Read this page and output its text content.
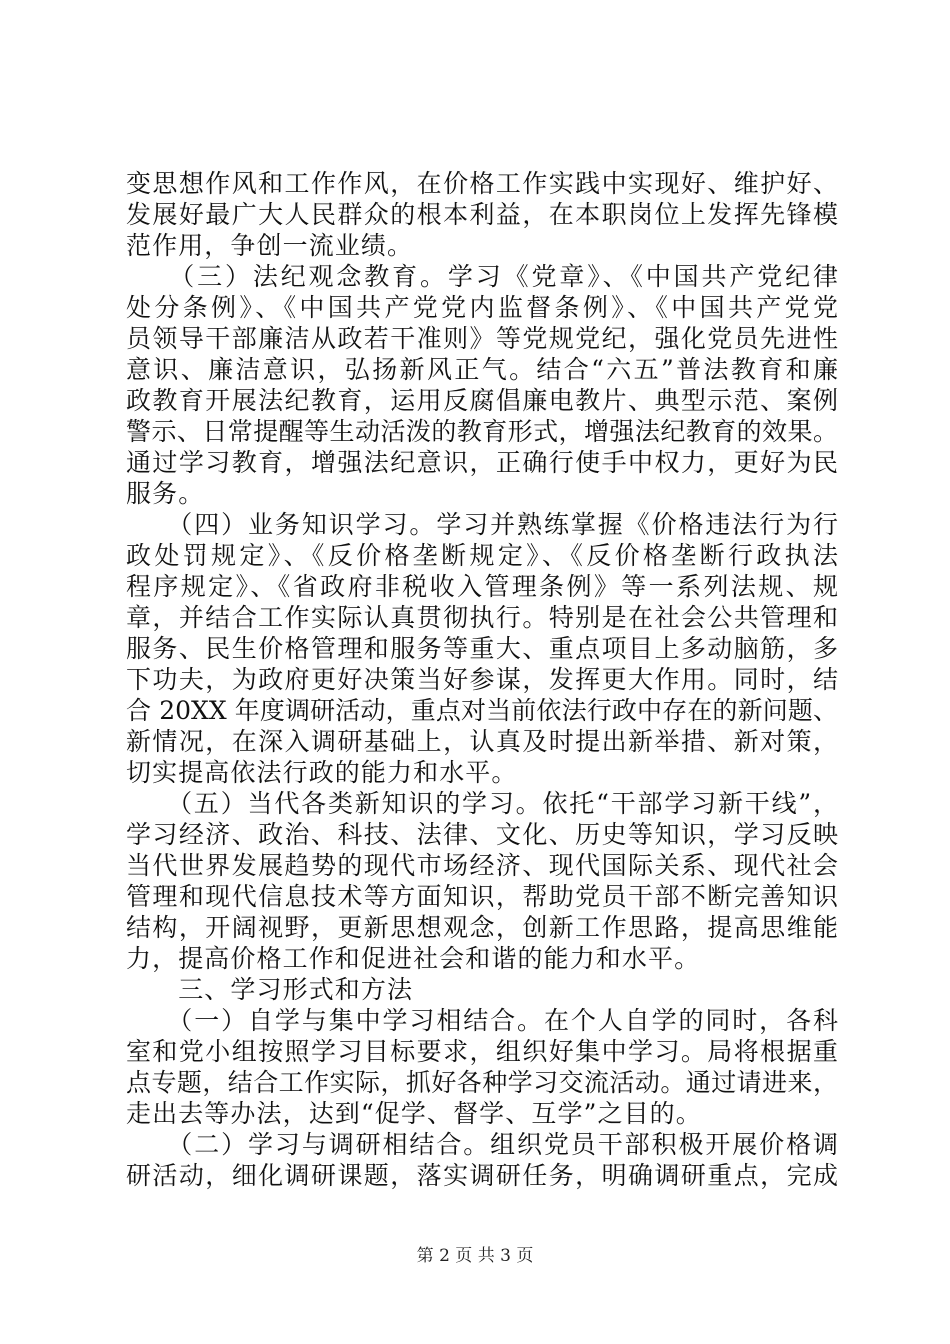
变思想作风和工作作风，在价格工作实践中实现好、维护好、
发展好最广大人民群众的根本利益，在本职岗位上发挥先锋模
范作用，争创一流业绩。
　　（三）法纪观念教育。学习《党章》、《中国共产党纪律
处分条例》、《中国共产党党内监督条例》、《中国共产党党
员领导干部廉洁从政若干准则》等党规党纪，强化党员先进性
意识、廉洁意识，弘扬新风正气。结合“六五”普法教育和廉
政教育开展法纪教育，运用反腐倡廉电教片、典型示范、案例
警示、日常提醒等生动活泼的教育形式，增强法纪教育的效果。
通过学习教育，增强法纪意识，正确行使手中权力，更好为民
服务。
　　（四）业务知识学习。学习并熟练掌握《价格违法行为行
政处罚规定》、《反价格垄断规定》、《反价格垄断行政执法
程序规定》、《省政府非税收入管理条例》等一系列法规、规
章，并结合工作实际认真贯彻执行。特别是在社会公共管理和
服务、民生价格管理和服务等重大、重点项目上多动脑筋，多
下功夫，为政府更好决策当好参谋，发挥更大作用。同时，结
合 20XX 年度调研活动，重点对当前依法行政中存在的新问题、
新情况，在深入调研基础上，认真及时提出新举措、新对策，
切实提高依法行政的能力和水平。
　　（五）当代各类新知识的学习。依托“干部学习新干线”，
学习经济、政治、科技、法律、文化、历史等知识，学习反映
当代世界发展趋势的现代市场经济、现代国际关系、现代社会
管理和现代信息技术等方面知识，帮助党员干部不断完善知识
结构，开阔视野，更新思想观念，创新工作思路，提高思维能
力，提高价格工作和促进社会和谐的能力和水平。
　　三、学习形式和方法
　　（一）自学与集中学习相结合。在个人自学的同时，各科
室和党小组按照学习目标要求，组织好集中学习。局将根据重
点专题，结合工作实际，抓好各种学习交流活动。通过请进来，
走出去等办法，达到“促学、督学、互学”之目的。
　　（二）学习与调研相结合。组织党员干部积极开展价格调
研活动，细化调研课题，落实调研任务，明确调研重点，完成
第 2 页 共 3 页
